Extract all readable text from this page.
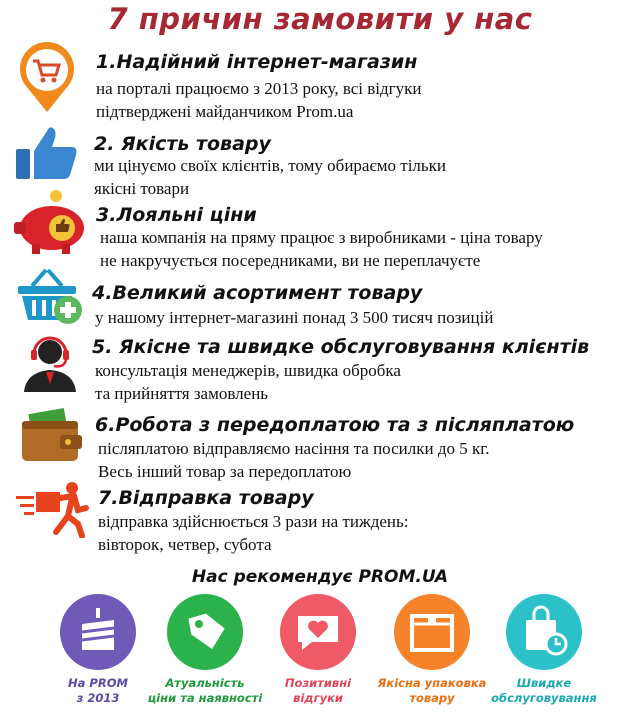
7 причин замовити у нас
1.Надійний інтернет-магазин
на порталі працюємо з 2013 року, всі відгуки
підтверджені майданчиком Prom.ua
2. Якість товару
ми цінуємо своїх клієнтів, тому обираємо тільки
якісні товари
3.Лояльні ціни
наша компанія на пряму працює з виробниками - ціна товару
не накручується посередниками, ви не переплачуєте
4.Великий асортимент товару
у нашому інтернет-магазині понад 3 500 тисяч позицій
5. Якісне та швидке обслуговування клієнтів
консультація менеджерів, швидка обробка
та прийняття замовлень
6.Робота з передоплатою та з післяплатою
післяплатою відправляємо насіння та посилки до 5 кг.
Весь інший товар за передоплатою
7.Відправка товару
відправка здійснюється 3 рази на тиждень:
вівторок, четвер, субота
Нас рекомендує PROM.UA
На PROM
з 2013
Атуальність
ціни та наявності
Позитивні
відгуки
Якісна упаковка
товару
Швидке
обслуговування
